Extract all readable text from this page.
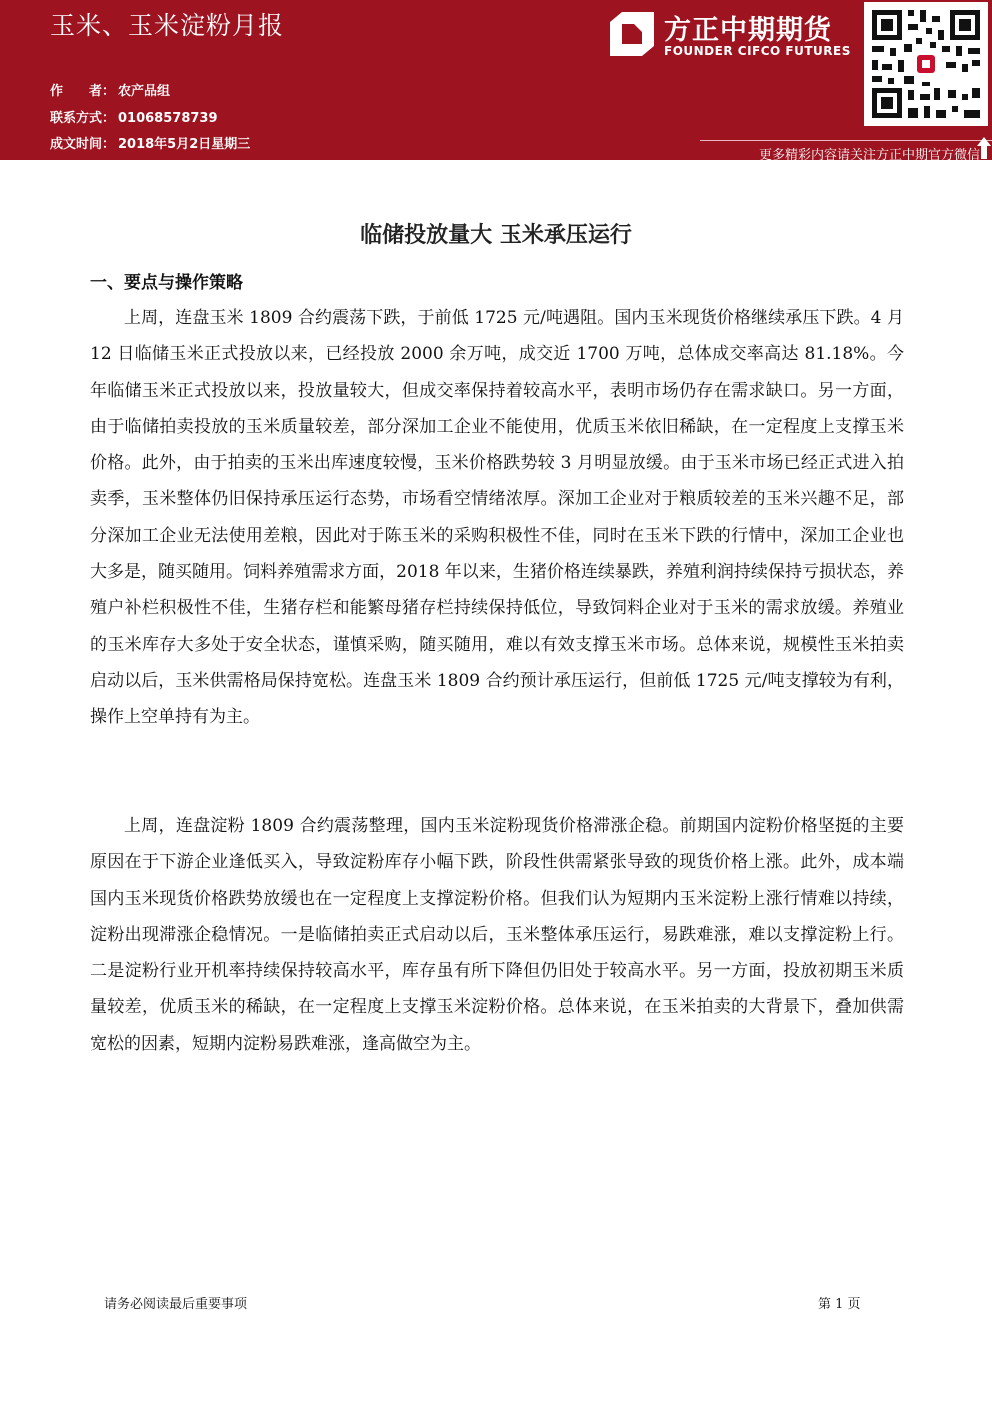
玉米、玉米淀粉月报
作　　者： 农产品组
联系方式： 01068578739
成文时间： 2018年5月2日星期三
方正中期期货
FOUNDER CIFCO FUTURES
更多精彩内容请关注方正中期官方微信
临储投放量大 玉米承压运行
一、要点与操作策略

上周，连盘玉米 1809 合约震荡下跌，于前低 1725 元/吨遇阻。国内玉米现货价格继续承压下跌。4 月 12 日临储玉米正式投放以来，已经投放 2000 余万吨，成交近 1700 万吨，总体成交率高达 81.18%。今年临储玉米正式投放以来，投放量较大，但成交率保持着较高水平，表明市场仍存在需求缺口。另一方面，由于临储拍卖投放的玉米质量较差，部分深加工企业不能使用，优质玉米依旧稀缺，在一定程度上支撑玉米价格。此外，由于拍卖的玉米出库速度较慢，玉米价格跌势较 3 月明显放缓。由于玉米市场已经正式进入拍卖季，玉米整体仍旧保持承压运行态势，市场看空情绪浓厚。深加工企业对于粮质较差的玉米兴趣不足，部分深加工企业无法使用差粮，因此对于陈玉米的采购积极性不佳，同时在玉米下跌的行情中，深加工企业也大多是，随买随用。饲料养殖需求方面，2018 年以来，生猪价格连续暴跌，养殖利润持续保持亏损状态，养殖户补栏积极性不佳，生猪存栏和能繁母猪存栏持续保持低位，导致饲料企业对于玉米的需求放缓。养殖业的玉米库存大多处于安全状态，谨慎采购，随买随用，难以有效支撑玉米市场。总体来说，规模性玉米拍卖启动以后，玉米供需格局保持宽松。连盘玉米 1809 合约预计承压运行，但前低 1725 元/吨支撑较为有利，操作上空单持有为主。

上周，连盘淀粉 1809 合约震荡整理，国内玉米淀粉现货价格滞涨企稳。前期国内淀粉价格坚挺的主要原因在于下游企业逢低买入，导致淀粉库存小幅下跌，阶段性供需紧张导致的现货价格上涨。此外，成本端国内玉米现货价格跌势放缓也在一定程度上支撑淀粉价格。但我们认为短期内玉米淀粉上涨行情难以持续，淀粉出现滞涨企稳情况。一是临储拍卖正式启动以后，玉米整体承压运行，易跌难涨，难以支撑淀粉上行。二是淀粉行业开机率持续保持较高水平，库存虽有所下降但仍旧处于较高水平。另一方面，投放初期玉米质量较差，优质玉米的稀缺，在一定程度上支撑玉米淀粉价格。总体来说，在玉米拍卖的大背景下，叠加供需宽松的因素，短期内淀粉易跌难涨，逢高做空为主。

请务必阅读最后重要事项	第 1 页
